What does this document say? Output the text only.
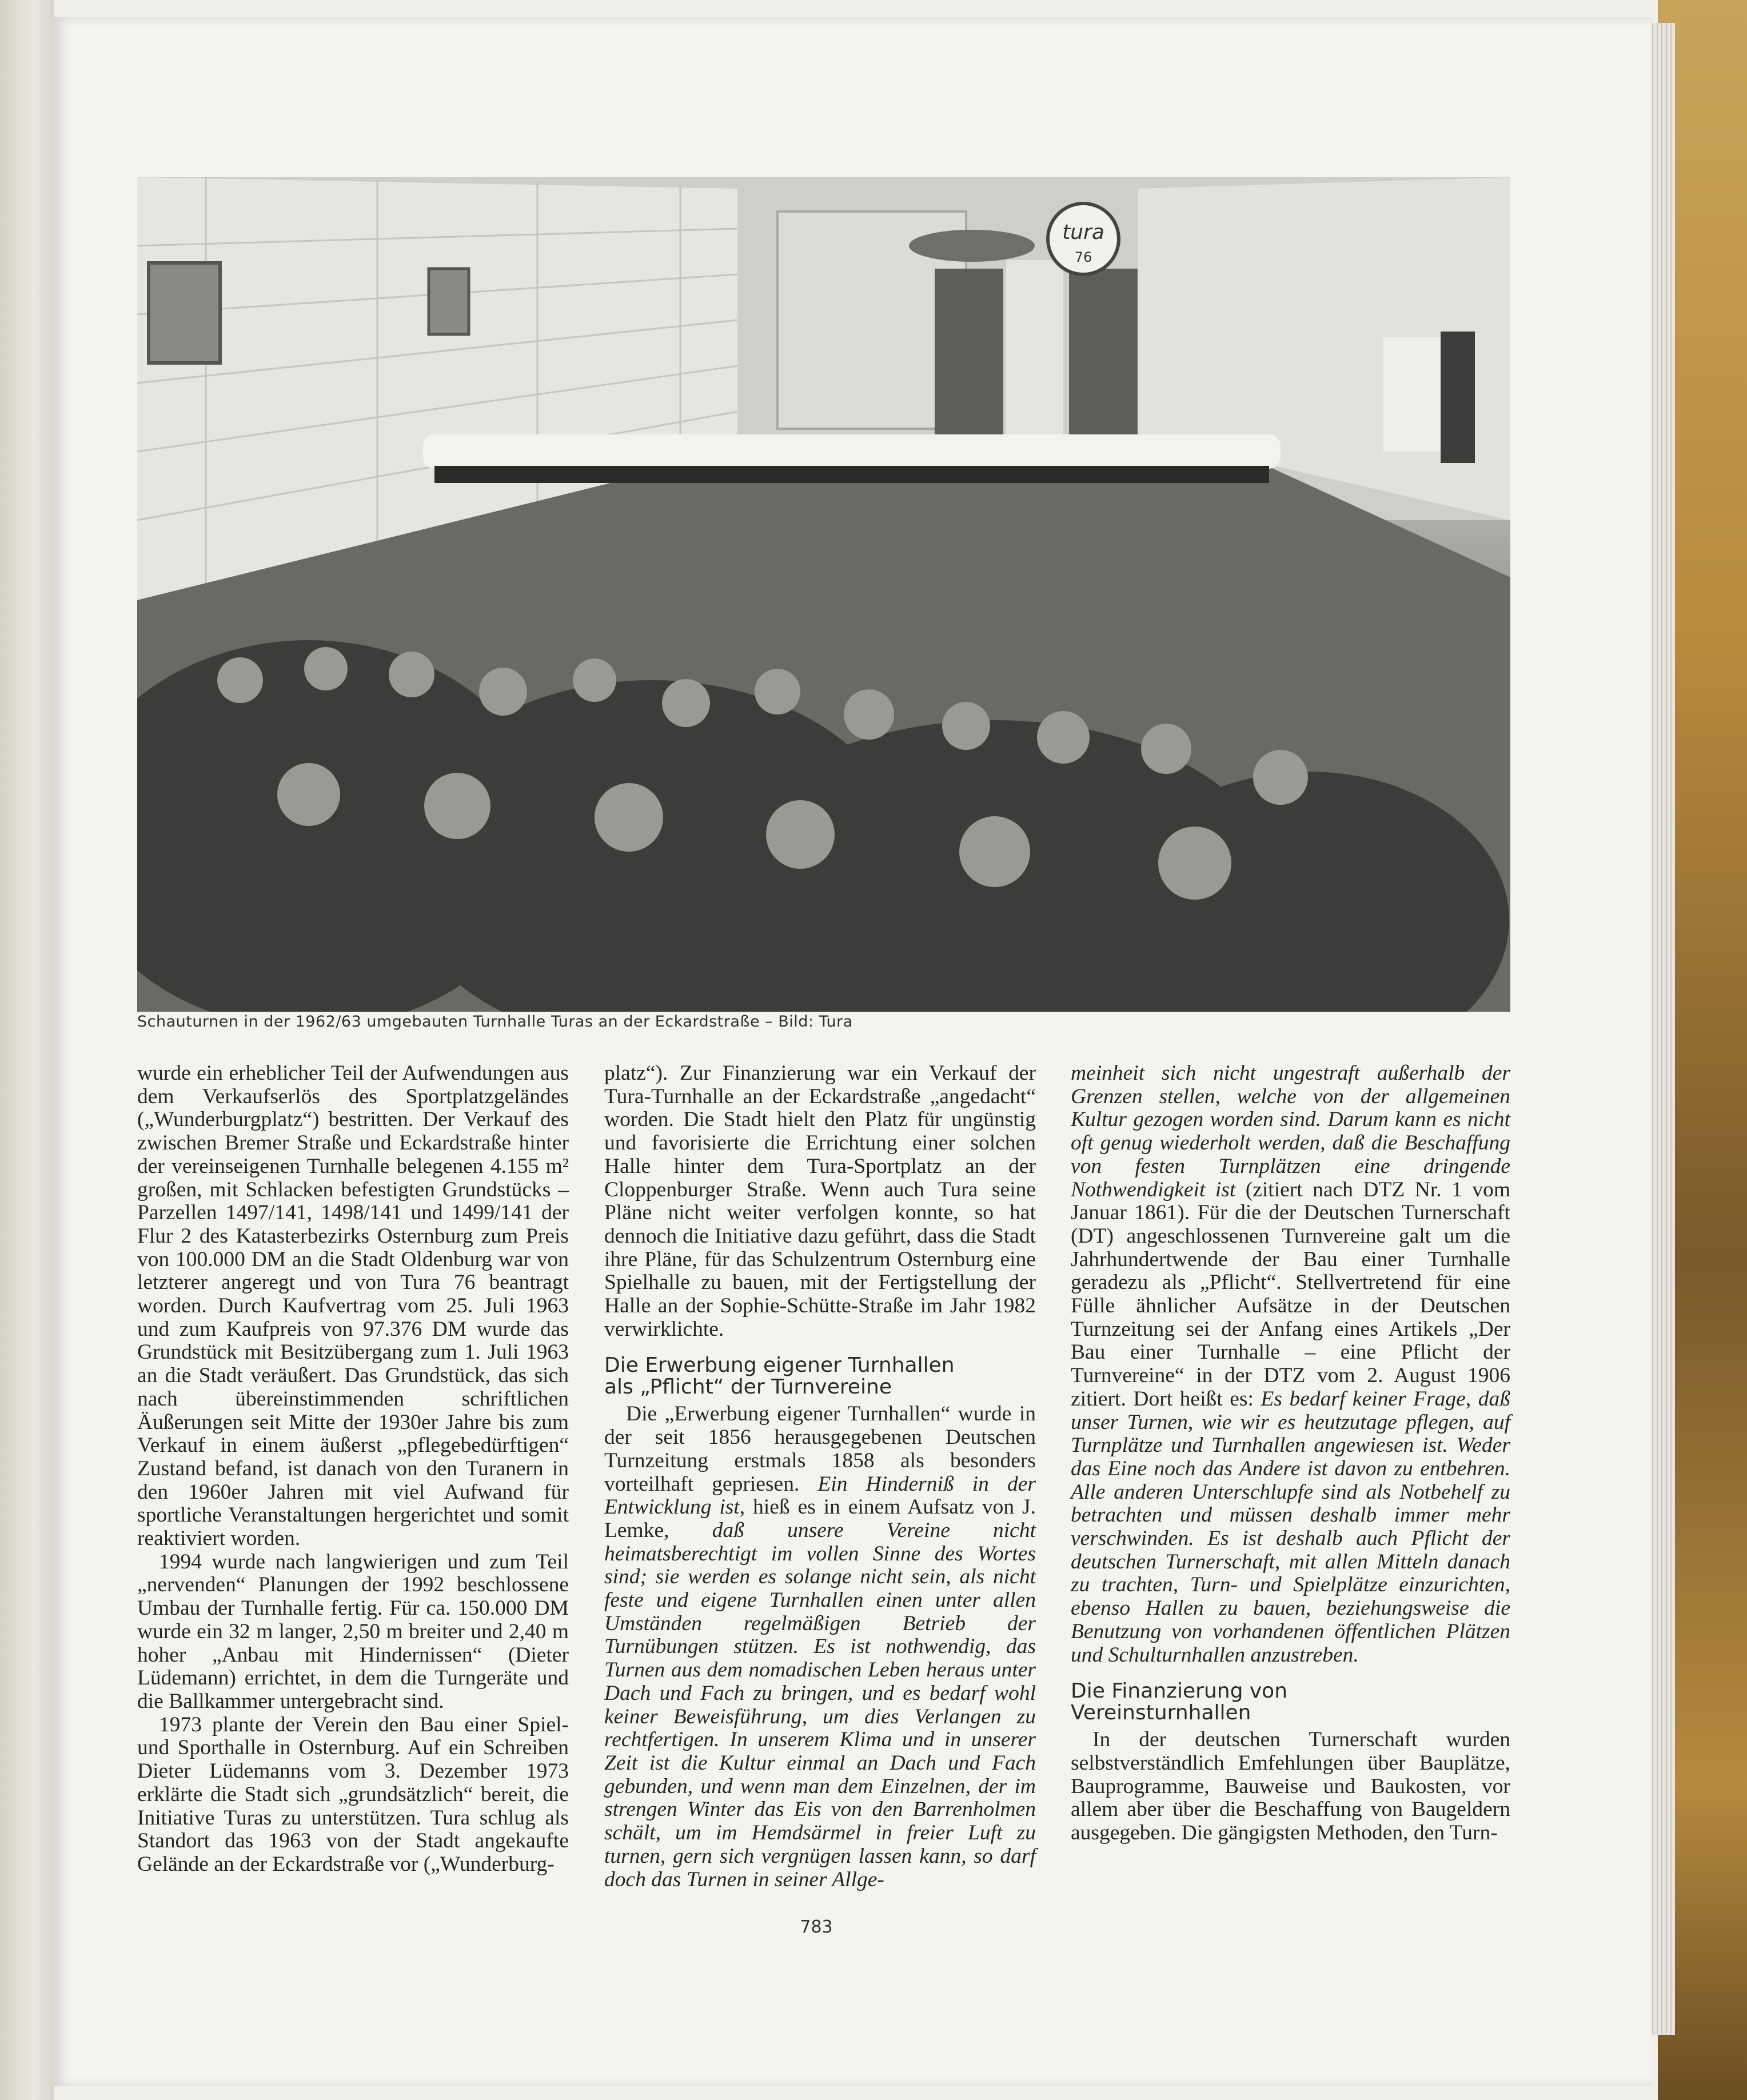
tura
76
Schauturnen in der 1962/63 umgebauten Turnhalle Turas an der Eckardstraße – Bild: Tura

wurde ein erheblicher Teil der Aufwendungen aus dem Verkaufserlös des Sportplatzgeländes („Wunderburgplatz“) bestritten. Der Verkauf des zwischen Bremer Straße und Eckardstraße hinter der vereinseigenen Turnhalle belegenen 4.155 m² großen, mit Schlacken befestigten Grundstücks – Parzellen 1497/141, 1498/141 und 1499/141 der Flur 2 des Katasterbezirks Osternburg zum Preis von 100.000 DM an die Stadt Oldenburg war von letzterer angeregt und von Tura 76 beantragt worden. Durch Kaufvertrag vom 25. Juli 1963 und zum Kaufpreis von 97.376 DM wurde das Grundstück mit Besitzübergang zum 1. Juli 1963 an die Stadt veräußert. Das Grundstück, das sich nach übereinstimmenden schriftlichen Äußerungen seit Mitte der 1930er Jahre bis zum Verkauf in einem äußerst „pflegebedürftigen“ Zustand befand, ist danach von den Turanern in den 1960er Jahren mit viel Aufwand für sportliche Veranstaltungen hergerichtet und somit reaktiviert worden.

1994 wurde nach langwierigen und zum Teil „nervenden“ Planungen der 1992 beschlossene Umbau der Turnhalle fertig. Für ca. 150.000 DM wurde ein 32 m langer, 2,50 m breiter und 2,40 m hoher „Anbau mit Hindernissen“ (Dieter Lüdemann) errichtet, in dem die Turngeräte und die Ballkammer untergebracht sind.

1973 plante der Verein den Bau einer Spiel- und Sporthalle in Osternburg. Auf ein Schreiben Dieter Lüdemanns vom 3. Dezember 1973 erklärte die Stadt sich „grundsätzlich“ bereit, die Initiative Turas zu unterstützen. Tura schlug als Standort das 1963 von der Stadt angekaufte Gelände an der Eckardstraße vor („Wunderburg-

platz“). Zur Finanzierung war ein Verkauf der Tura-Turnhalle an der Eckardstraße „angedacht“ worden. Die Stadt hielt den Platz für ungünstig und favorisierte die Errichtung einer solchen Halle hinter dem Tura-Sportplatz an der Cloppenburger Straße. Wenn auch Tura seine Pläne nicht weiter verfolgen konnte, so hat dennoch die Initiative dazu geführt, dass die Stadt ihre Pläne, für das Schulzentrum Osternburg eine Spielhalle zu bauen, mit der Fertigstellung der Halle an der Sophie-Schütte-Straße im Jahr 1982 verwirklichte.

Die Erwerbung eigener Turnhallen
als „Pflicht“ der Turnvereine

Die „Erwerbung eigener Turnhallen“ wurde in der seit 1856 herausgegebenen Deutschen Turnzeitung erstmals 1858 als besonders vorteilhaft gepriesen. Ein Hinderniß in der Entwicklung ist, hieß es in einem Aufsatz von J. Lemke, daß unsere Vereine nicht heimatsberechtigt im vollen Sinne des Wortes sind; sie werden es solange nicht sein, als nicht feste und eigene Turnhallen einen unter allen Umständen regelmäßigen Betrieb der Turnübungen stützen. Es ist nothwendig, das Turnen aus dem nomadischen Leben heraus unter Dach und Fach zu bringen, und es bedarf wohl keiner Beweisführung, um dies Verlangen zu rechtfertigen. In unserem Klima und in unserer Zeit ist die Kultur einmal an Dach und Fach gebunden, und wenn man dem Einzelnen, der im strengen Winter das Eis von den Barrenholmen schält, um im Hemdsärmel in freier Luft zu turnen, gern sich vergnügen lassen kann, so darf doch das Turnen in seiner Allge-

meinheit sich nicht ungestraft außerhalb der Grenzen stellen, welche von der allgemeinen Kultur gezogen worden sind. Darum kann es nicht oft genug wiederholt werden, daß die Beschaffung von festen Turnplätzen eine dringende Nothwendigkeit ist (zitiert nach DTZ Nr. 1 vom Januar 1861). Für die der Deutschen Turnerschaft (DT) angeschlossenen Turnvereine galt um die Jahrhundertwende der Bau einer Turnhalle geradezu als „Pflicht“. Stellvertretend für eine Fülle ähnlicher Aufsätze in der Deutschen Turnzeitung sei der Anfang eines Artikels „Der Bau einer Turnhalle – eine Pflicht der Turnvereine“ in der DTZ vom 2. August 1906 zitiert. Dort heißt es: Es bedarf keiner Frage, daß unser Turnen, wie wir es heutzutage pflegen, auf Turnplätze und Turnhallen angewiesen ist. Weder das Eine noch das Andere ist davon zu entbehren. Alle anderen Unterschlupfe sind als Notbehelf zu betrachten und müssen deshalb immer mehr verschwinden. Es ist deshalb auch Pflicht der deutschen Turnerschaft, mit allen Mitteln danach zu trachten, Turn- und Spielplätze einzurichten, ebenso Hallen zu bauen, beziehungsweise die Benutzung von vorhandenen öffentlichen Plätzen und Schulturnhallen anzustreben.

Die Finanzierung von
Vereinsturnhallen

In der deutschen Turnerschaft wurden selbstverständlich Emfehlungen über Bauplätze, Bauprogramme, Bauweise und Baukosten, vor allem aber über die Beschaffung von Baugeldern ausgegeben. Die gängigsten Methoden, den Turn-

783
